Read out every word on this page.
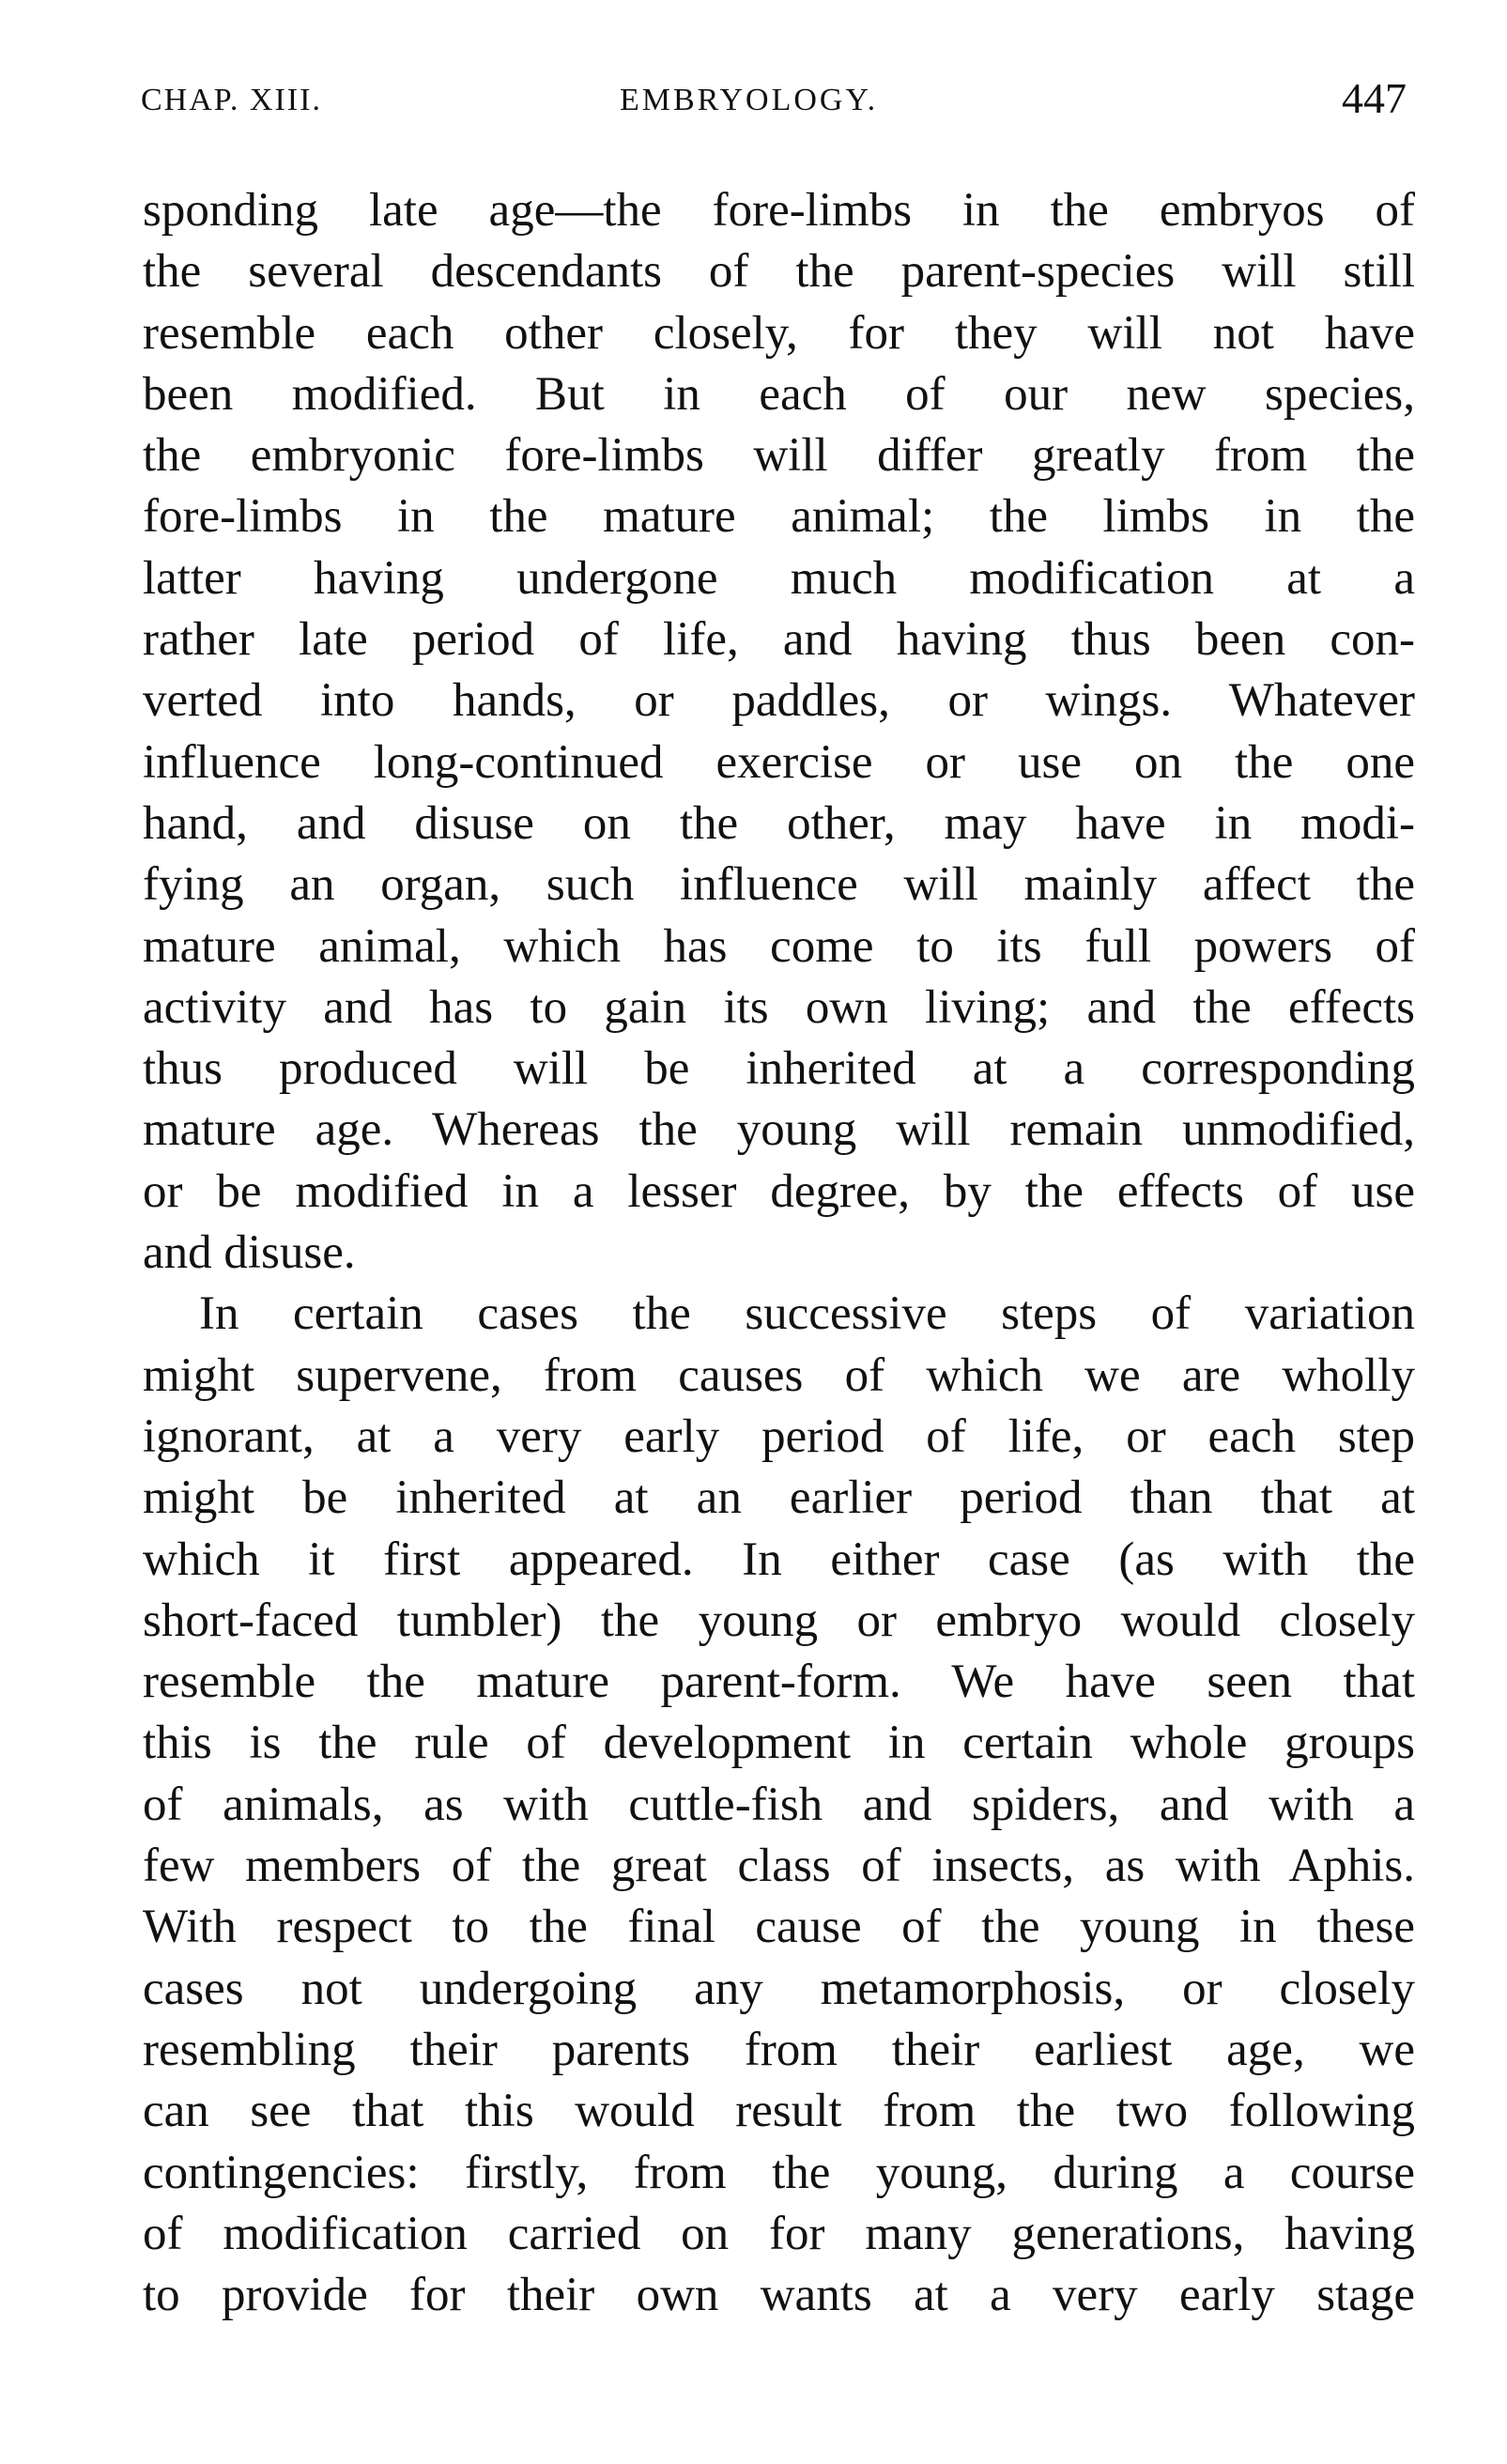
CHAP. XIII.	EMBRYOLOGY.	447
sponding late age—the fore-limbs in the embryos of
the several descendants of the parent-species will still
resemble each other closely, for they will not have
been modified. But in each of our new species,
the embryonic fore-limbs will differ greatly from the
fore-limbs in the mature animal; the limbs in the
latter having undergone much modification at a
rather late period of life, and having thus been con-
verted into hands, or paddles, or wings. Whatever
influence long-continued exercise or use on the one
hand, and disuse on the other, may have in modi-
fying an organ, such influence will mainly affect the
mature animal, which has come to its full powers of
activity and has to gain its own living; and the effects
thus produced will be inherited at a corresponding
mature age. Whereas the young will remain unmodified,
or be modified in a lesser degree, by the effects of use
and disuse.
In certain cases the successive steps of variation
might supervene, from causes of which we are wholly
ignorant, at a very early period of life, or each step
might be inherited at an earlier period than that at
which it first appeared. In either case (as with the
short-faced tumbler) the young or embryo would closely
resemble the mature parent-form. We have seen that
this is the rule of development in certain whole groups
of animals, as with cuttle-fish and spiders, and with a
few members of the great class of insects, as with Aphis.
With respect to the final cause of the young in these
cases not undergoing any metamorphosis, or closely
resembling their parents from their earliest age, we
can see that this would result from the two following
contingencies: firstly, from the young, during a course
of modification carried on for many generations, having
to provide for their own wants at a very early stage
